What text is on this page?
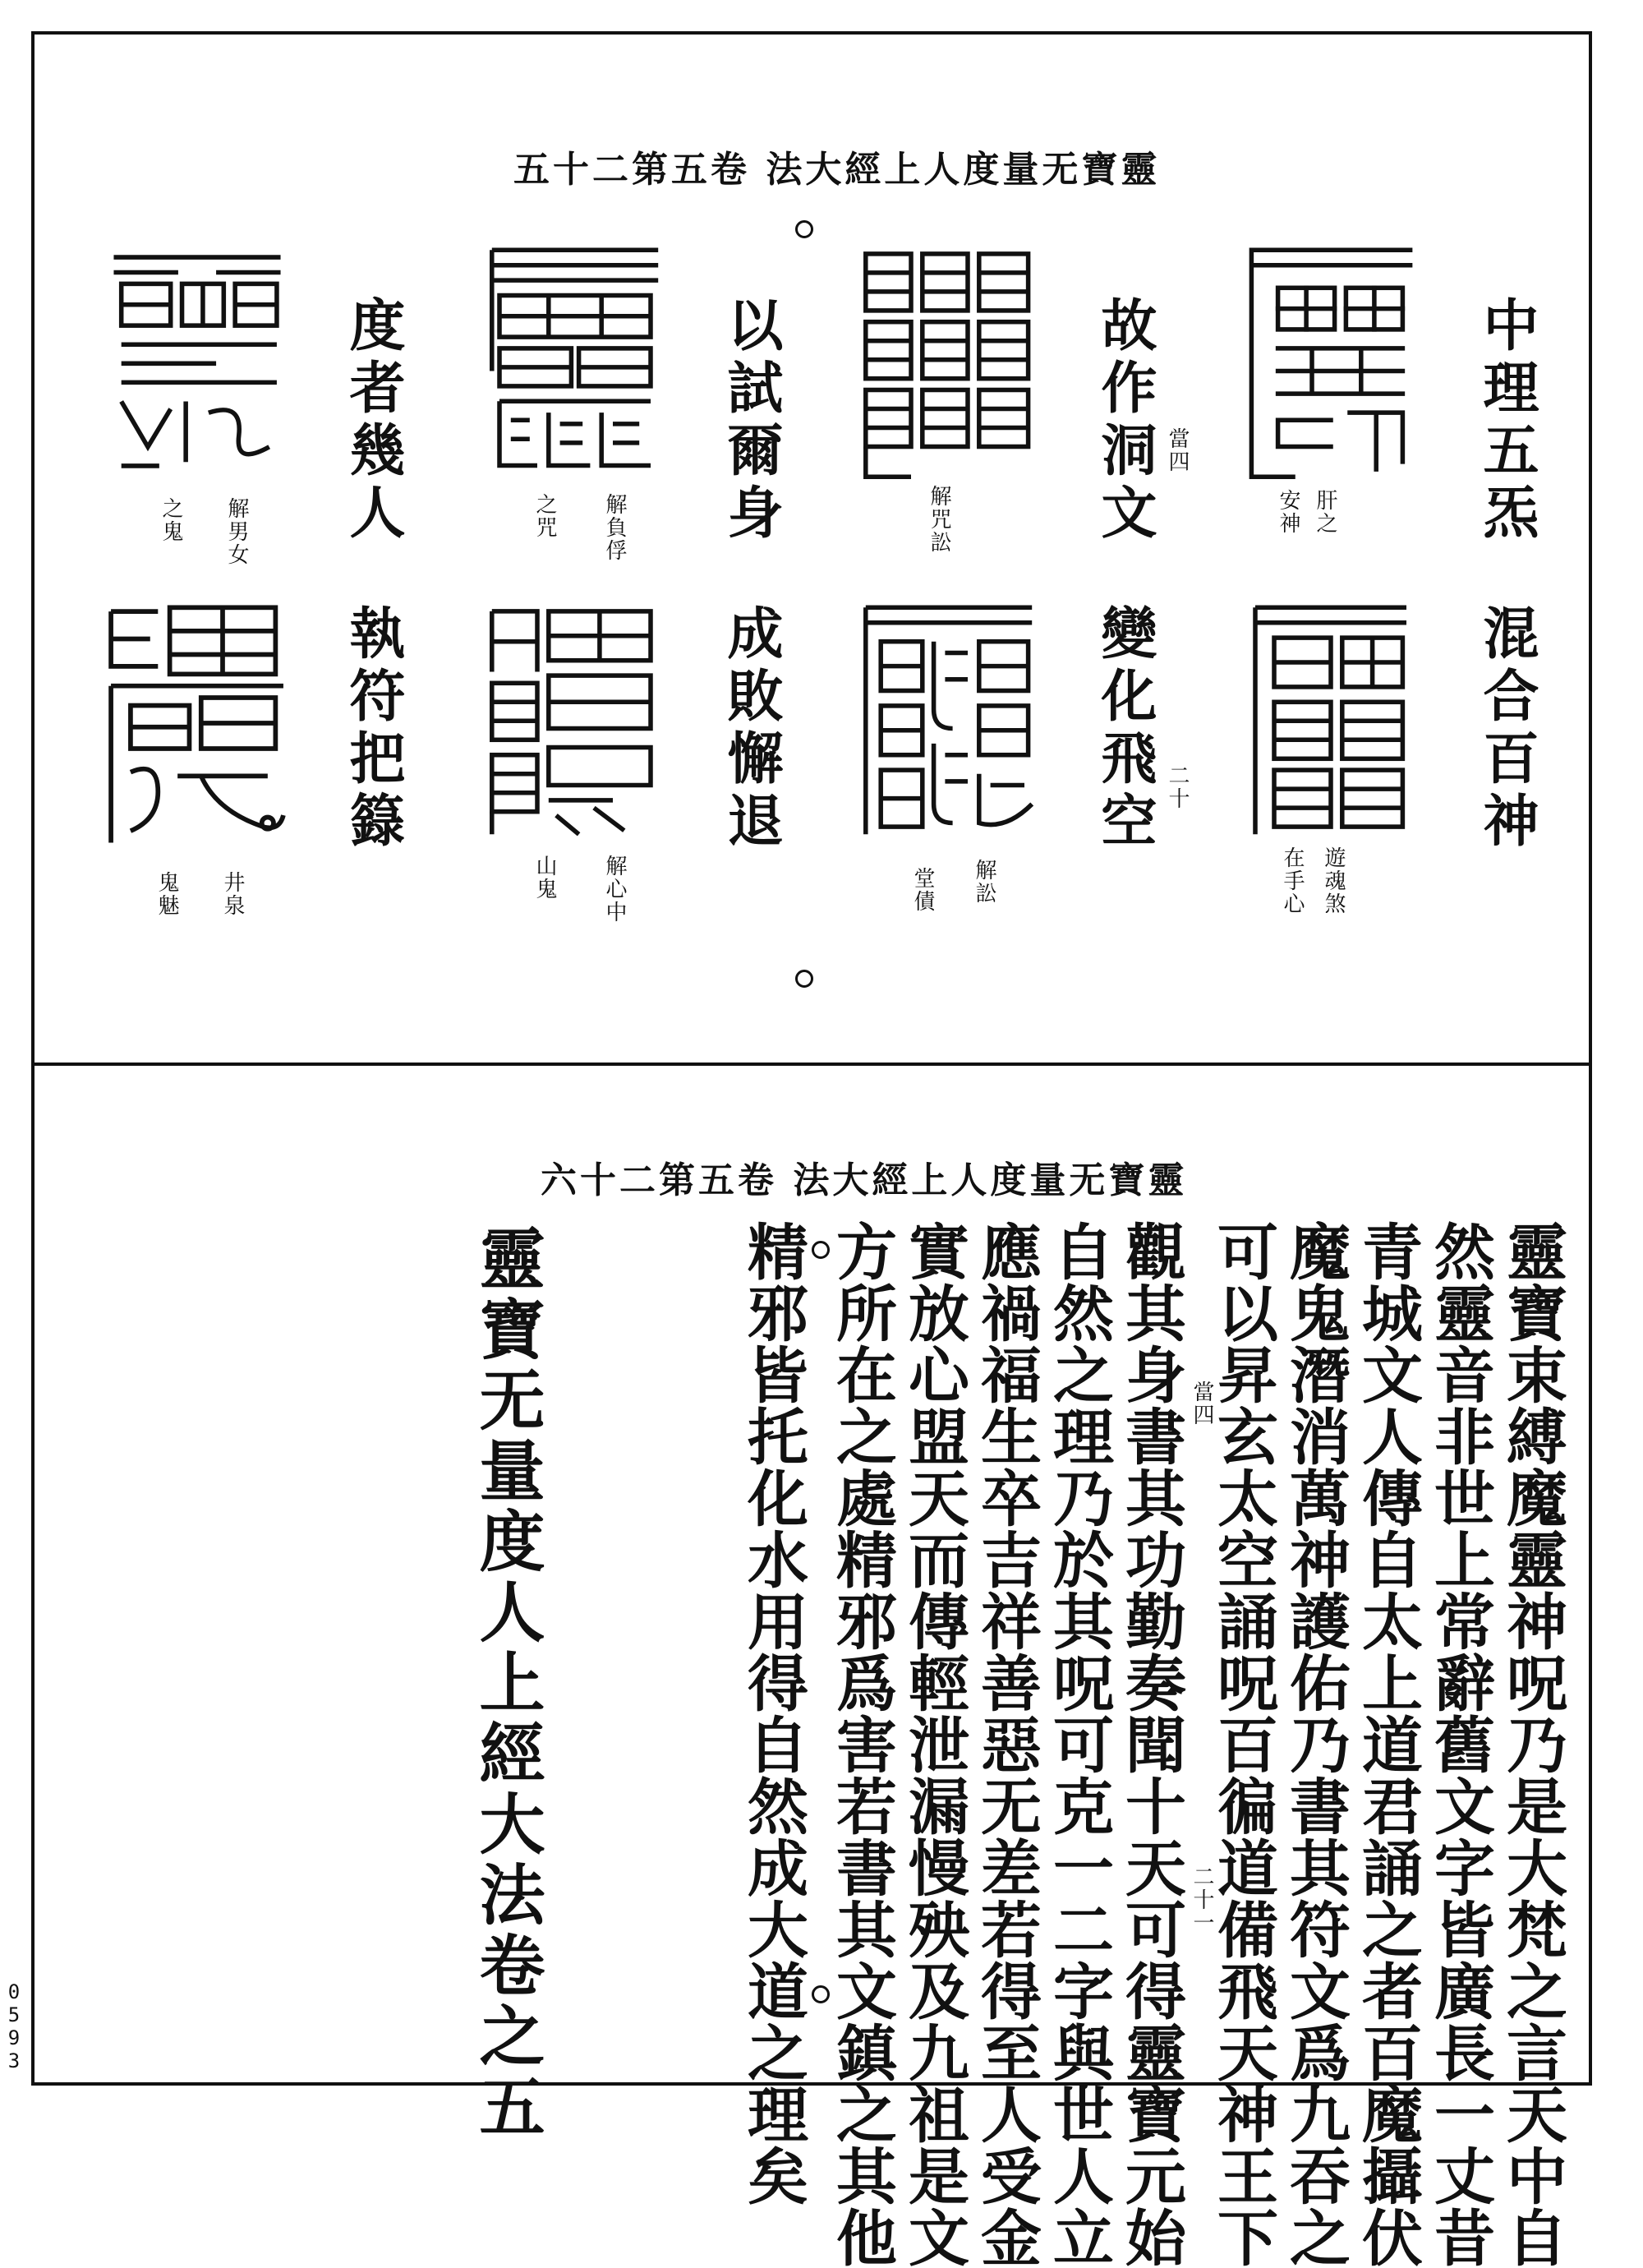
五十二第五卷 法大經上人度量无寶靈
中理五炁
混合百神
故作洞文
變化飛空
以試爾身
成敗懈退
度者幾人
執符把籙
肝之
安神
遊魂煞
在手心
當四
二十
解咒訟
解訟
堂債
解負俘
之咒
解心中
山鬼
解男女
之鬼
井泉
鬼魅
六十二第五卷 法大經上人度量无寶靈
靈寶束縛魔靈神呪乃是大梵之言天中自
然靈音非世上常辭舊文字皆廣長一丈昔
青城文人傳自太上道君誦之者百魔攝伏
魔鬼潛消萬神護佑乃書其符文爲九吞之
可以昇玄太空誦呪百徧道備飛天神王下
觀其身書其功勤奏聞十天可得靈寶元始
自然之理乃於其呪可克一二字與世人立
應禍福生卒吉祥善惡无差若得至人受金
實放心盟天而傳輕泄漏慢殃及九祖是文
方所在之處精邪爲害若書其文鎮之其他
精邪皆托化水用得自然成大道之理矣	當四
二十一
靈寶无量度人上經大法卷之五
0593
